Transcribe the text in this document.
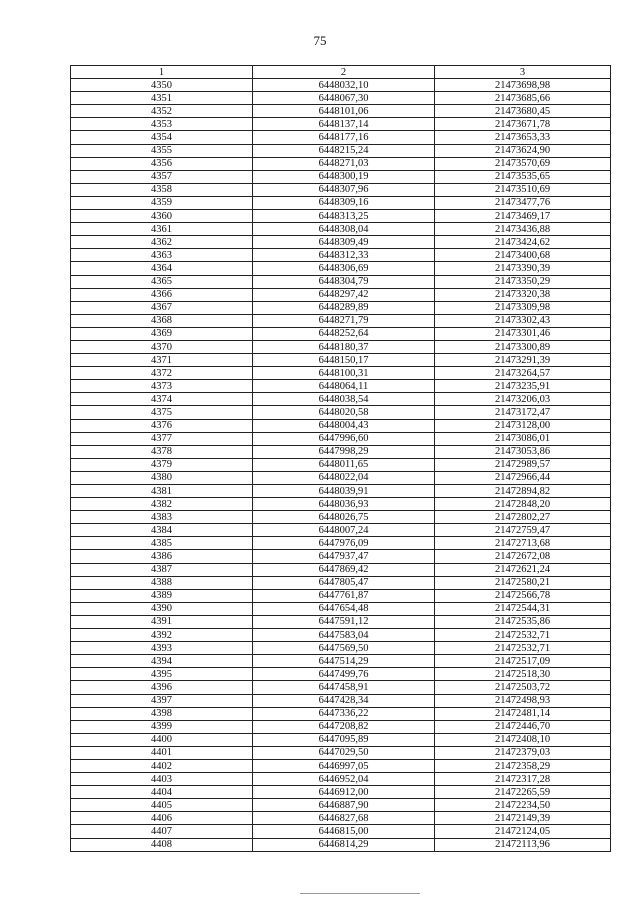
75
1	2	3
4350	6448032,10	21473698,98
4351	6448067,30	21473685,66
4352	6448101,06	21473680,45
4353	6448137,14	21473671,78
4354	6448177,16	21473653,33
4355	6448215,24	21473624,90
4356	6448271,03	21473570,69
4357	6448300,19	21473535,65
4358	6448307,96	21473510,69
4359	6448309,16	21473477,76
4360	6448313,25	21473469,17
4361	6448308,04	21473436,88
4362	6448309,49	21473424,62
4363	6448312,33	21473400,68
4364	6448306,69	21473390,39
4365	6448304,79	21473350,29
4366	6448297,42	21473320,38
4367	6448289,89	21473309,98
4368	6448271,79	21473302,43
4369	6448252,64	21473301,46
4370	6448180,37	21473300,89
4371	6448150,17	21473291,39
4372	6448100,31	21473264,57
4373	6448064,11	21473235,91
4374	6448038,54	21473206,03
4375	6448020,58	21473172,47
4376	6448004,43	21473128,00
4377	6447996,60	21473086,01
4378	6447998,29	21473053,86
4379	6448011,65	21472989,57
4380	6448022,04	21472966,44
4381	6448039,91	21472894,82
4382	6448036,93	21472848,20
4383	6448026,75	21472802,27
4384	6448007,24	21472759,47
4385	6447976,09	21472713,68
4386	6447937,47	21472672,08
4387	6447869,42	21472621,24
4388	6447805,47	21472580,21
4389	6447761,87	21472566,78
4390	6447654,48	21472544,31
4391	6447591,12	21472535,86
4392	6447583,04	21472532,71
4393	6447569,50	21472532,71
4394	6447514,29	21472517,09
4395	6447499,76	21472518,30
4396	6447458,91	21472503,72
4397	6447428,34	21472498,93
4398	6447336,22	21472481,14
4399	6447208,82	21472446,70
4400	6447095,89	21472408,10
4401	6447029,50	21472379,03
4402	6446997,05	21472358,29
4403	6446952,04	21472317,28
4404	6446912,00	21472265,59
4405	6446887,90	21472234,50
4406	6446827,68	21472149,39
4407	6446815,00	21472124,05
4408	6446814,29	21472113,96
